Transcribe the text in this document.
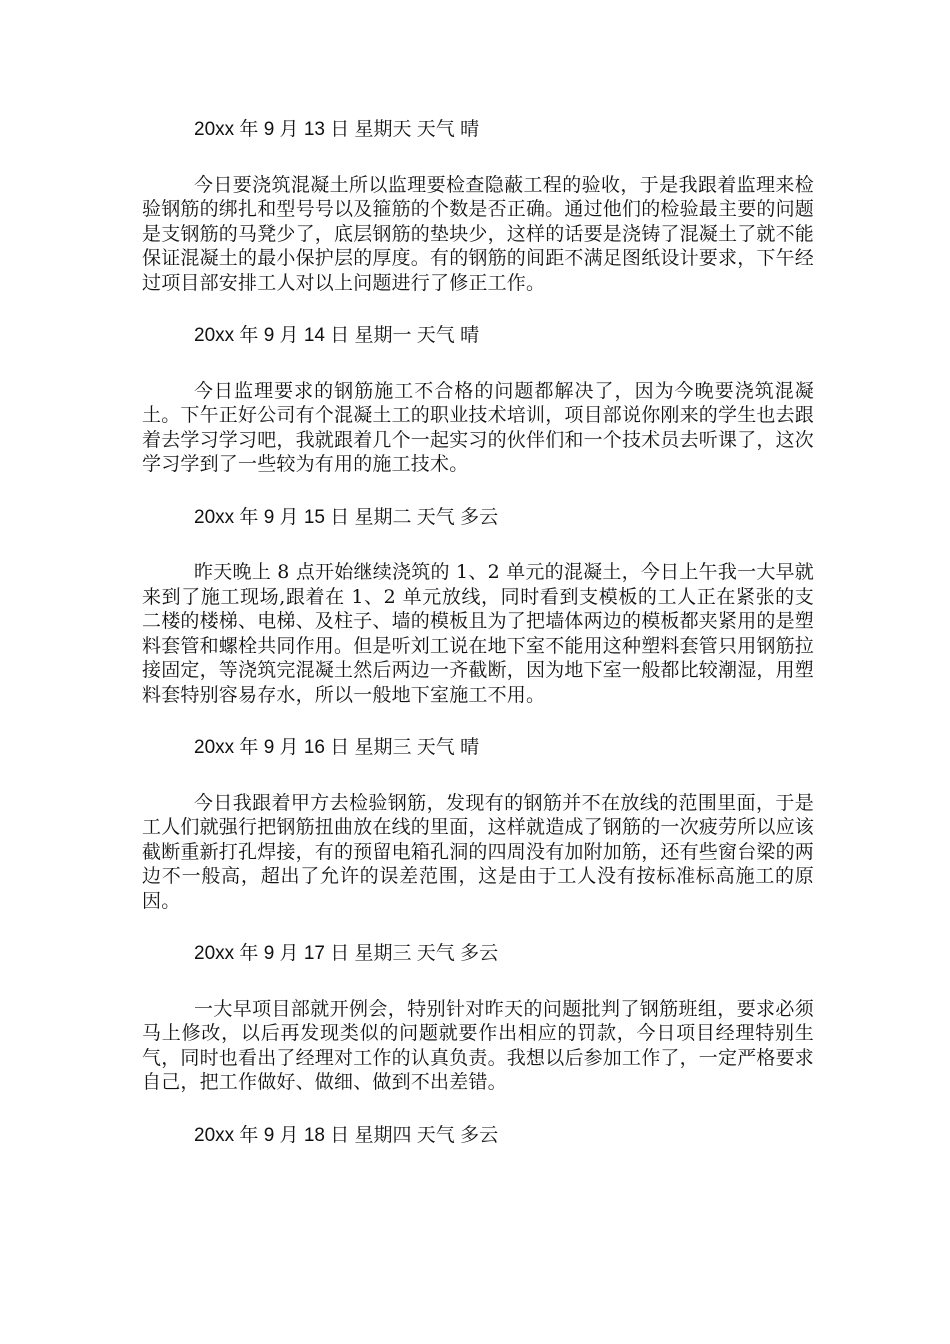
20xx 年 9 月 13 日 星期天 天气 晴

今日要浇筑混凝土所以监理要检查隐蔽工程的验收，于是我跟着监理来检验钢筋的绑扎和型号号以及箍筋的个数是否正确。通过他们的检验最主要的问题是支钢筋的马凳少了，底层钢筋的垫块少，这样的话要是浇铸了混凝土了就不能保证混凝土的最小保护层的厚度。有的钢筋的间距不满足图纸设计要求，下午经过项目部安排工人对以上问题进行了修正工作。

20xx 年 9 月 14 日 星期一 天气 晴

今日监理要求的钢筋施工不合格的问题都解决了，因为今晚要浇筑混凝土。下午正好公司有个混凝土工的职业技术培训，项目部说你刚来的学生也去跟着去学习学习吧，我就跟着几个一起实习的伙伴们和一个技术员去听课了，这次学习学到了一些较为有用的施工技术。

20xx 年 9 月 15 日 星期二 天气 多云

昨天晚上 8 点开始继续浇筑的 1、2 单元的混凝土，今日上午我一大早就来到了施工现场,跟着在 1、2 单元放线，同时看到支模板的工人正在紧张的支二楼的楼梯、电梯、及柱子、墙的模板且为了把墙体两边的模板都夹紧用的是塑料套管和螺栓共同作用。但是听刘工说在地下室不能用这种塑料套管只用钢筋拉接固定，等浇筑完混凝土然后两边一齐截断，因为地下室一般都比较潮湿，用塑料套特别容易存水，所以一般地下室施工不用。

20xx 年 9 月 16 日 星期三 天气 晴

今日我跟着甲方去检验钢筋，发现有的钢筋并不在放线的范围里面，于是工人们就强行把钢筋扭曲放在线的里面，这样就造成了钢筋的一次疲劳所以应该截断重新打孔焊接，有的预留电箱孔洞的四周没有加附加筋，还有些窗台梁的两边不一般高，超出了允许的误差范围，这是由于工人没有按标准标高施工的原因。

20xx 年 9 月 17 日 星期三 天气 多云

一大早项目部就开例会，特别针对昨天的问题批判了钢筋班组，要求必须马上修改，以后再发现类似的问题就要作出相应的罚款，今日项目经理特别生气，同时也看出了经理对工作的认真负责。我想以后参加工作了，一定严格要求自己，把工作做好、做细、做到不出差错。

20xx 年 9 月 18 日 星期四 天气 多云
